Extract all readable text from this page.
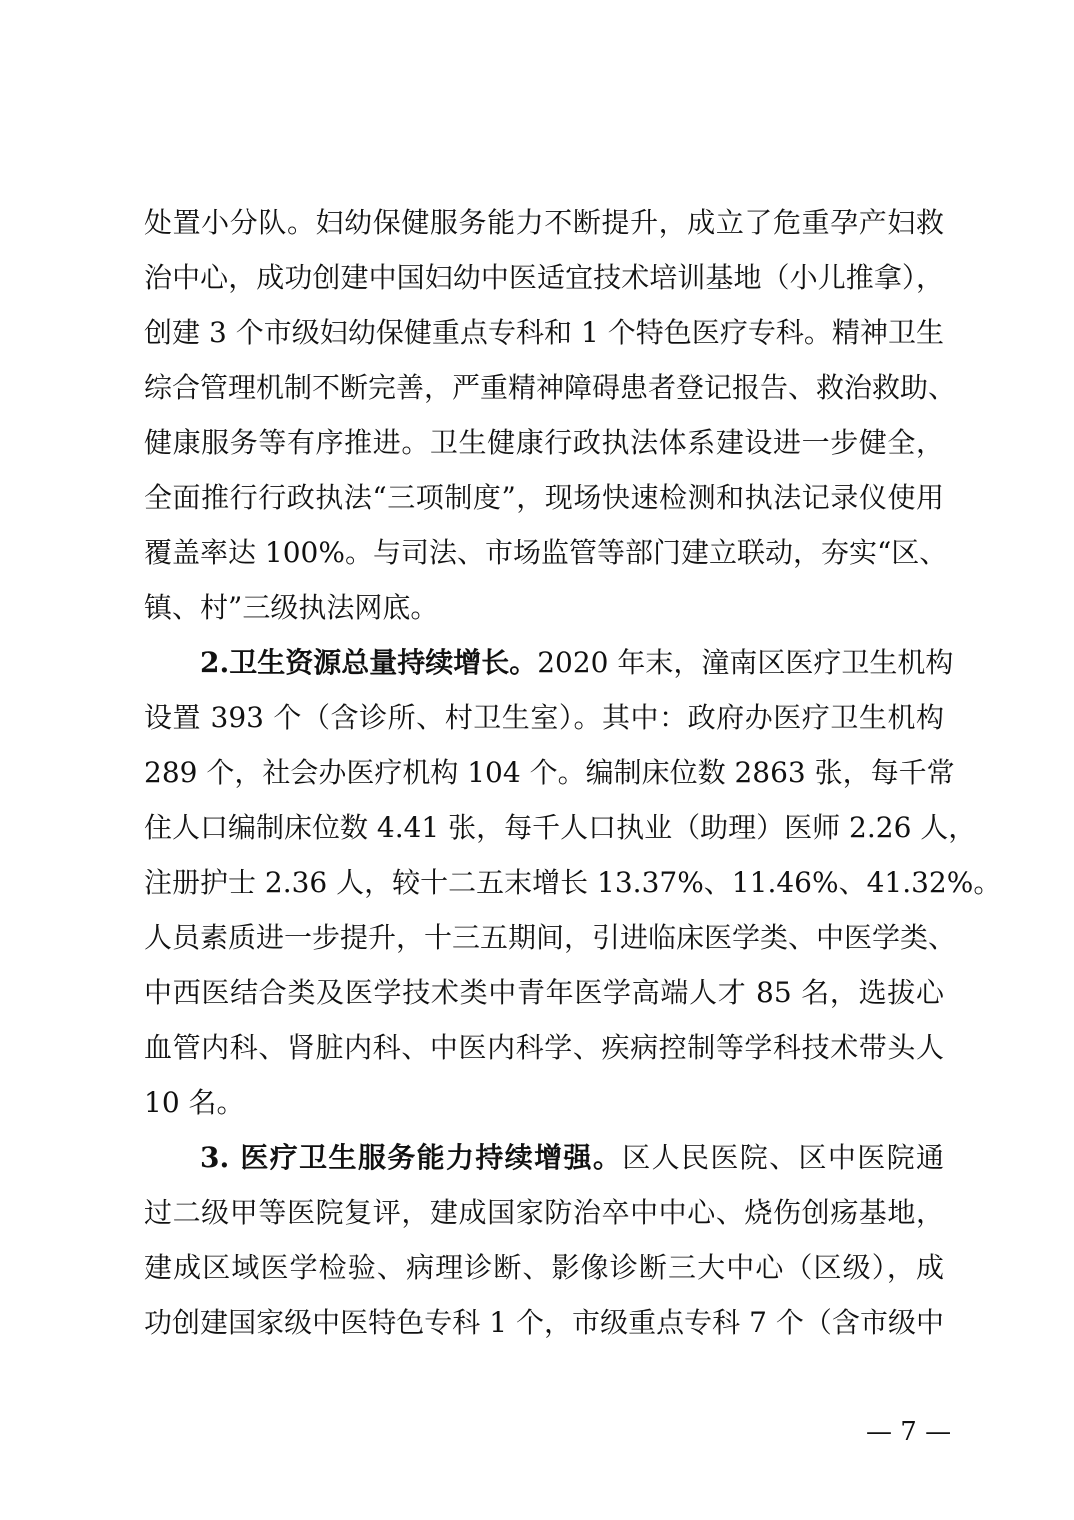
处置小分队。妇幼保健服务能力不断提升，成立了危重孕产妇救
治中心，成功创建中国妇幼中医适宜技术培训基地（小儿推拿），
创建 3 个市级妇幼保健重点专科和 1 个特色医疗专科。精神卫生
综合管理机制不断完善，严重精神障碍患者登记报告、救治救助、
健康服务等有序推进。卫生健康行政执法体系建设进一步健全，
全面推行行政执法“三项制度”，现场快速检测和执法记录仪使用
覆盖率达 100%。与司法、市场监管等部门建立联动，夯实“区、
镇、村”三级执法网底。
2.卫生资源总量持续增长。2020 年末，潼南区医疗卫生机构
设置 393 个（含诊所、村卫生室）。其中：政府办医疗卫生机构
289 个，社会办医疗机构 104 个。编制床位数 2863 张，每千常
住人口编制床位数 4.41 张，每千人口执业（助理）医师 2.26 人，
注册护士 2.36 人，较十二五末增长 13.37%、11.46%、41.32%。
人员素质进一步提升，十三五期间，引进临床医学类、中医学类、
中西医结合类及医学技术类中青年医学高端人才 85 名，选拔心
血管内科、肾脏内科、中医内科学、疾病控制等学科技术带头人
10 名。
3. 医疗卫生服务能力持续增强。区人民医院、区中医院通
过二级甲等医院复评，建成国家防治卒中中心、烧伤创疡基地，
建成区域医学检验、病理诊断、影像诊断三大中心（区级），成
功创建国家级中医特色专科 1 个，市级重点专科 7 个（含市级中
— 7 —
